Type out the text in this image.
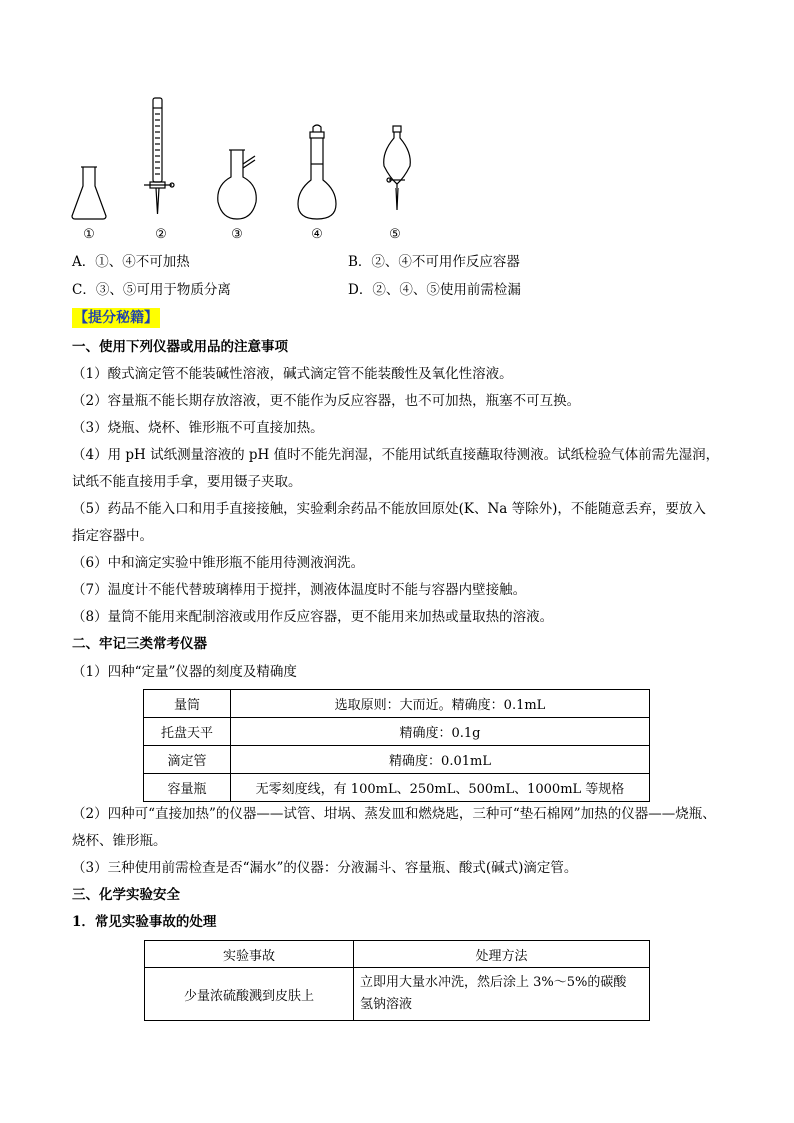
①	②	③	④	⑤
A．①、④不可加热	B．②、④不可用作反应容器
C．③、⑤可用于物质分离	D．②、④、⑤使用前需检漏
【提分秘籍】
一、使用下列仪器或用品的注意事项
（1）酸式滴定管不能装碱性溶液，碱式滴定管不能装酸性及氧化性溶液。
（2）容量瓶不能长期存放溶液，更不能作为反应容器，也不可加热，瓶塞不可互换。
（3）烧瓶、烧杯、锥形瓶不可直接加热。
（4）用 pH 试纸测量溶液的 pH 值时不能先润湿，不能用试纸直接蘸取待测液。试纸检验气体前需先湿润，
试纸不能直接用手拿，要用镊子夹取。
（5）药品不能入口和用手直接接触，实验剩余药品不能放回原处(K、Na 等除外)，不能随意丢弃，要放入
指定容器中。
（6）中和滴定实验中锥形瓶不能用待测液润洗。
（7）温度计不能代替玻璃棒用于搅拌，测液体温度时不能与容器内壁接触。
（8）量筒不能用来配制溶液或用作反应容器，更不能用来加热或量取热的溶液。
二、牢记三类常考仪器
（1）四种“定量”仪器的刻度及精确度
量筒	选取原则：大而近。精确度：0.1mL
托盘天平	精确度：0.1g
滴定管	精确度：0.01mL
容量瓶	无零刻度线，有 100mL、250mL、500mL、1000mL 等规格
（2）四种可“直接加热”的仪器——试管、坩埚、蒸发皿和燃烧匙，三种可“垫石棉网”加热的仪器——烧瓶、
烧杯、锥形瓶。
（3）三种使用前需检查是否“漏水”的仪器：分液漏斗、容量瓶、酸式(碱式)滴定管。
三、化学实验安全
1．常见实验事故的处理
实验事故	处理方法
少量浓硫酸溅到皮肤上	立即用大量水冲洗，然后涂上 3%～5%的碳酸
氢钠溶液
